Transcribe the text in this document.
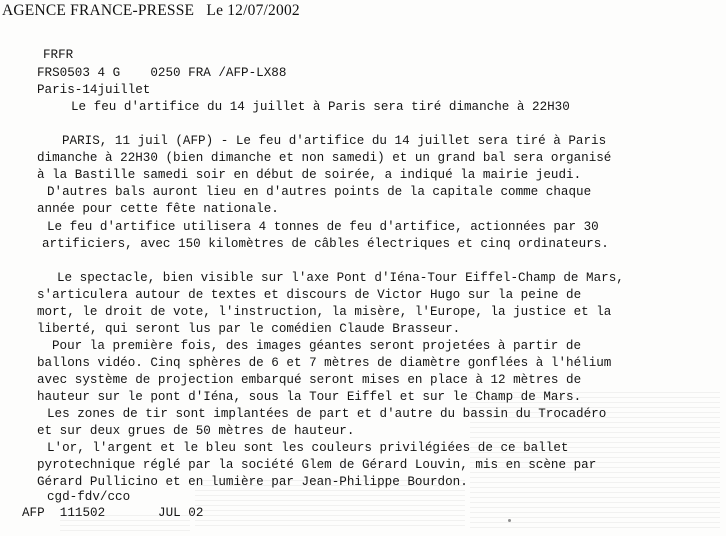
AGENCE FRANCE-PRESSE   Le 12/07/2002
FRFR
FRS0503 4 G    0250 FRA /AFP-LX88
Paris-14juillet
Le feu d'artifice du 14 juillet à Paris sera tiré dimanche à 22H30
PARIS, 11 juil (AFP) - Le feu d'artifice du 14 juillet sera tiré à Paris
dimanche à 22H30 (bien dimanche et non samedi) et un grand bal sera organisé
à la Bastille samedi soir en début de soirée, a indiqué la mairie jeudi.
D'autres bals auront lieu en d'autres points de la capitale comme chaque
année pour cette fête nationale.
Le feu d'artifice utilisera 4 tonnes de feu d'artifice, actionnées par 30
artificiers, avec 150 kilomètres de câbles électriques et cinq ordinateurs.
Le spectacle, bien visible sur l'axe Pont d'Iéna-Tour Eiffel-Champ de Mars,
s'articulera autour de textes et discours de Victor Hugo sur la peine de
mort, le droit de vote, l'instruction, la misère, l'Europe, la justice et la
liberté, qui seront lus par le comédien Claude Brasseur.
Pour la première fois, des images géantes seront projetées à partir de
ballons vidéo. Cinq sphères de 6 et 7 mètres de diamètre gonflées à l'hélium
avec système de projection embarqué seront mises en place à 12 mètres de
hauteur sur le pont d'Iéna, sous la Tour Eiffel et sur le Champ de Mars.
Les zones de tir sont implantées de part et d'autre du bassin du Trocadéro
et sur deux grues de 50 mètres de hauteur.
L'or, l'argent et le bleu sont les couleurs privilégiées de ce ballet
pyrotechnique réglé par la société Glem de Gérard Louvin, mis en scène par
Gérard Pullicino et en lumière par Jean-Philippe Bourdon.
cgd-fdv/cco
AFP  111502       JUL 02
